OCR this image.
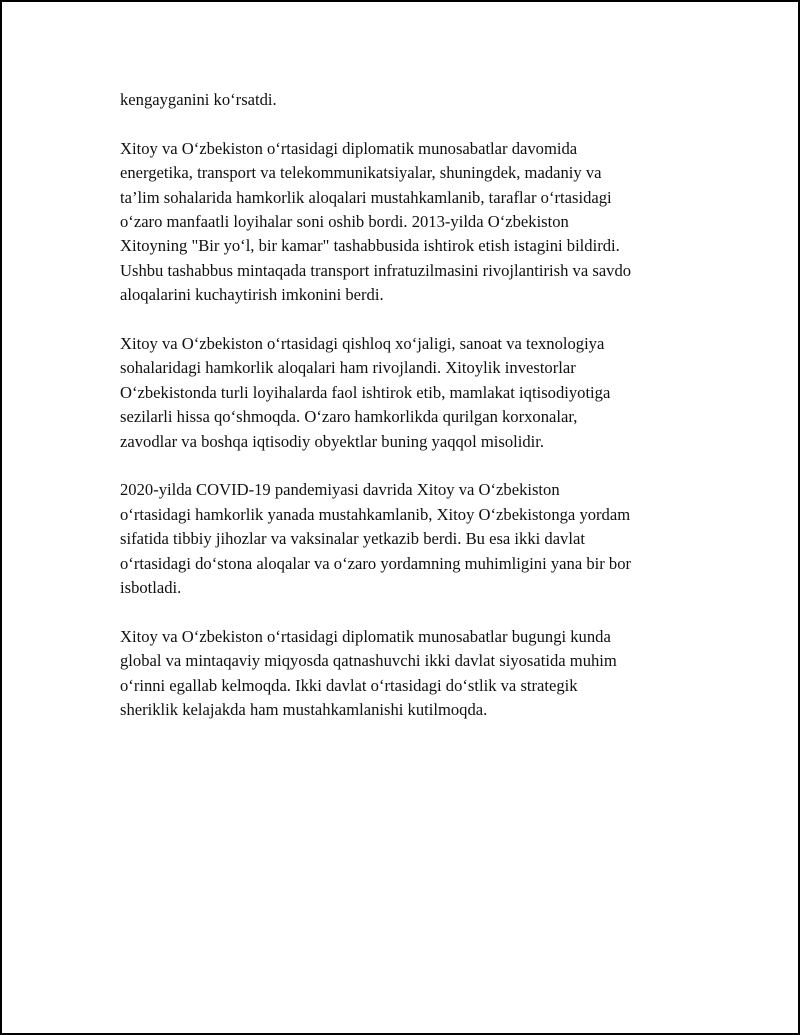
kengayganini ko‘rsatdi.

Xitoy va O‘zbekiston o‘rtasidagi diplomatik munosabatlar davomida
energetika, transport va telekommunikatsiyalar, shuningdek, madaniy va
ta’lim sohalarida hamkorlik aloqalari mustahkamlanib, taraflar o‘rtasidagi
o‘zaro manfaatli loyihalar soni oshib bordi. 2013-yilda O‘zbekiston
Xitoyning "Bir yo‘l, bir kamar" tashabbusida ishtirok etish istagini bildirdi.
Ushbu tashabbus mintaqada transport infratuzilmasini rivojlantirish va savdo
aloqalarini kuchaytirish imkonini berdi.

Xitoy va O‘zbekiston o‘rtasidagi qishloq xo‘jaligi, sanoat va texnologiya
sohalaridagi hamkorlik aloqalari ham rivojlandi. Xitoylik investorlar
O‘zbekistonda turli loyihalarda faol ishtirok etib, mamlakat iqtisodiyotiga
sezilarli hissa qo‘shmoqda. O‘zaro hamkorlikda qurilgan korxonalar,
zavodlar va boshqa iqtisodiy obyektlar buning yaqqol misolidir.

2020-yilda COVID-19 pandemiyasi davrida Xitoy va O‘zbekiston
o‘rtasidagi hamkorlik yanada mustahkamlanib, Xitoy O‘zbekistonga yordam
sifatida tibbiy jihozlar va vaksinalar yetkazib berdi. Bu esa ikki davlat
o‘rtasidagi do‘stona aloqalar va o‘zaro yordamning muhimligini yana bir bor
isbotladi.

Xitoy va O‘zbekiston o‘rtasidagi diplomatik munosabatlar bugungi kunda
global va mintaqaviy miqyosda qatnashuvchi ikki davlat siyosatida muhim
o‘rinni egallab kelmoqda. Ikki davlat o‘rtasidagi do‘stlik va strategik
sheriklik kelajakda ham mustahkamlanishi kutilmoqda.
